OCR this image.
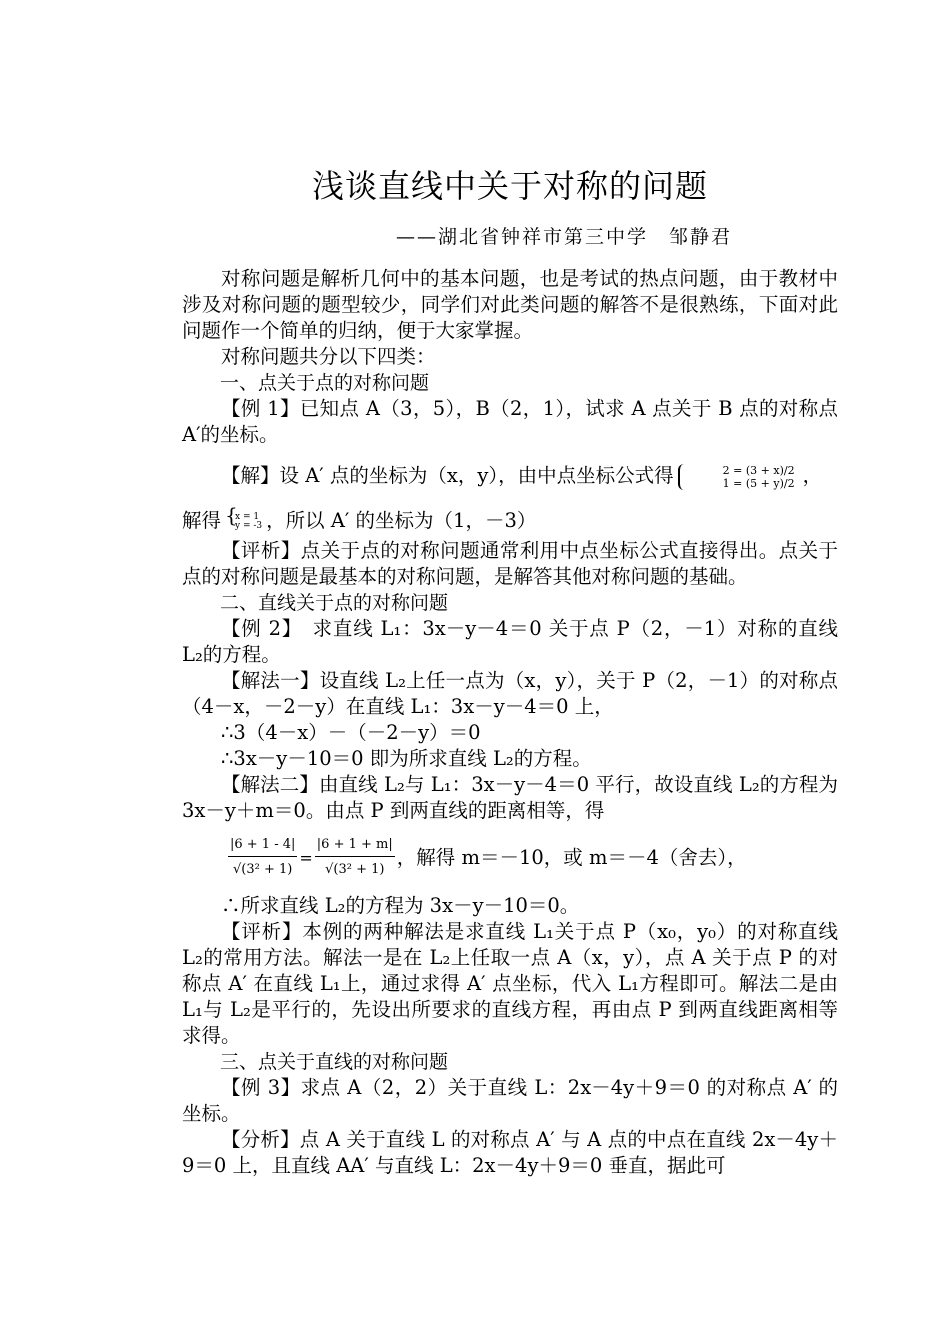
浅谈直线中关于对称的问题
——湖北省钟祥市第三中学　邹静君

对称问题是解析几何中的基本问题，也是考试的热点问题，由于教材中涉及对称问题的题型较少，同学们对此类问题的解答不是很熟练，下面对此问题作一个简单的归纳，便于大家掌握。

对称问题共分以下四类：

一、点关于点的对称问题

【例 1】已知点 A（3，5），B（2，1），试求 A 点关于 B 点的对称点 A′的坐标。

【解】设 A′ 点的坐标为（x，y），由中点坐标公式得	2 = (3 + x)/2
1 = (5 + y)/2 ，

解得
{ x = 1
y = -3 ，所以 A′ 的坐标为（1，－3）

【评析】点关于点的对称问题通常利用中点坐标公式直接得出。点关于点的对称问题是最基本的对称问题，是解答其他对称问题的基础。

二、直线关于点的对称问题

【例 2】　求直线 L₁：3x－y－4＝0 关于点 P（2，－1）对称的直线 L₂的方程。

【解法一】设直线 L₂上任一点为（x，y），关于 P（2，－1）的对称点（4－x，－2－y）在直线 L₁：3x－y－4＝0 上，

∴3（4－x）－（－2－y）＝0

∴3x－y－10＝0 即为所求直线 L₂的方程。

【解法二】由直线 L₂与 L₁：3x－y－4＝0 平行，故设直线 L₂的方程为 3x－y＋m＝0。由点 P 到两直线的距离相等，得

$\frac{|6 + 1 - 4|}{\text{√(3² + 1)}} = \frac{|6 + 1 + m|}{\text{√(3² + 1)}}$ ，解得 m＝－10，或 m＝－4（舍去），

∴所求直线 L₂的方程为 3x－y－10＝0。

【评析】本例的两种解法是求直线 L₁关于点 P（x₀，y₀）的对称直线 L₂的常用方法。解法一是在 L₂上任取一点 A（x，y），点 A 关于点 P 的对称点 A′ 在直线 L₁上，通过求得 A′ 点坐标，代入 L₁方程即可。解法二是由 L₁与 L₂是平行的，先设出所要求的直线方程，再由点 P 到两直线距离相等求得。

三、点关于直线的对称问题

【例 3】求点 A（2，2）关于直线 L：2x－4y＋9＝0 的对称点 A′ 的坐标。

【分析】点 A 关于直线 L 的对称点 A′ 与 A 点的中点在直线 2x－4y＋9＝0 上，且直线 AA′ 与直线 L：2x－4y＋9＝0 垂直，据此可
